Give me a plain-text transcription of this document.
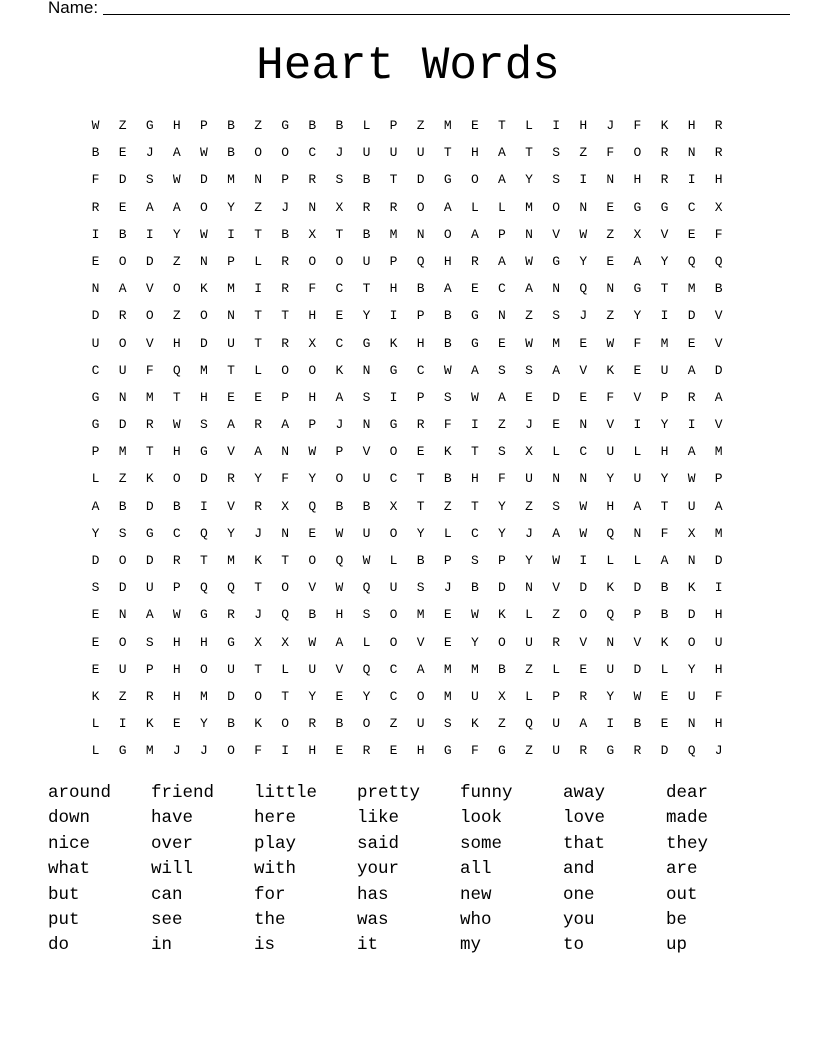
Name:
Heart Words
W	Z	G	H	P	B	Z	G	B	B	L	P	Z	M	E	T	L	I	H	J	F	K	H	R
B	E	J	A	W	B	O	O	C	J	U	U	U	T	H	A	T	S	Z	F	O	R	N	R
F	D	S	W	D	M	N	P	R	S	B	T	D	G	O	A	Y	S	I	N	H	R	I	H
R	E	A	A	O	Y	Z	J	N	X	R	R	O	A	L	L	M	O	N	E	G	G	C	X
I	B	I	Y	W	I	T	B	X	T	B	M	N	O	A	P	N	V	W	Z	X	V	E	F
E	O	D	Z	N	P	L	R	O	O	U	P	Q	H	R	A	W	G	Y	E	A	Y	Q	Q
N	A	V	O	K	M	I	R	F	C	T	H	B	A	E	C	A	N	Q	N	G	T	M	B
D	R	O	Z	O	N	T	T	H	E	Y	I	P	B	G	N	Z	S	J	Z	Y	I	D	V
U	O	V	H	D	U	T	R	X	C	G	K	H	B	G	E	W	M	E	W	F	M	E	V
C	U	F	Q	M	T	L	O	O	K	N	G	C	W	A	S	S	A	V	K	E	U	A	D
G	N	M	T	H	E	E	P	H	A	S	I	P	S	W	A	E	D	E	F	V	P	R	A
G	D	R	W	S	A	R	A	P	J	N	G	R	F	I	Z	J	E	N	V	I	Y	I	V
P	M	T	H	G	V	A	N	W	P	V	O	E	K	T	S	X	L	C	U	L	H	A	M
L	Z	K	O	D	R	Y	F	Y	O	U	C	T	B	H	F	U	N	N	Y	U	Y	W	P
A	B	D	B	I	V	R	X	Q	B	B	X	T	Z	T	Y	Z	S	W	H	A	T	U	A
Y	S	G	C	Q	Y	J	N	E	W	U	O	Y	L	C	Y	J	A	W	Q	N	F	X	M
D	O	D	R	T	M	K	T	O	Q	W	L	B	P	S	P	Y	W	I	L	L	A	N	D
S	D	U	P	Q	Q	T	O	V	W	Q	U	S	J	B	D	N	V	D	K	D	B	K	I
E	N	A	W	G	R	J	Q	B	H	S	O	M	E	W	K	L	Z	O	Q	P	B	D	H
E	O	S	H	H	G	X	X	W	A	L	O	V	E	Y	O	U	R	V	N	V	K	O	U
E	U	P	H	O	U	T	L	U	V	Q	C	A	M	M	B	Z	L	E	U	D	L	Y	H
K	Z	R	H	M	D	O	T	Y	E	Y	C	O	M	U	X	L	P	R	Y	W	E	U	F
L	I	K	E	Y	B	K	O	R	B	O	Z	U	S	K	Z	Q	U	A	I	B	E	N	H
L	G	M	J	J	O	F	I	H	E	R	E	H	G	F	G	Z	U	R	G	R	D	Q	J
around	friend	little	pretty	funny	away	dear
down	have	here	like	look	love	made
nice	over	play	said	some	that	they
what	will	with	your	all	and	are
but	can	for	has	new	one	out
put	see	the	was	who	you	be
do	in	is	it	my	to	up
